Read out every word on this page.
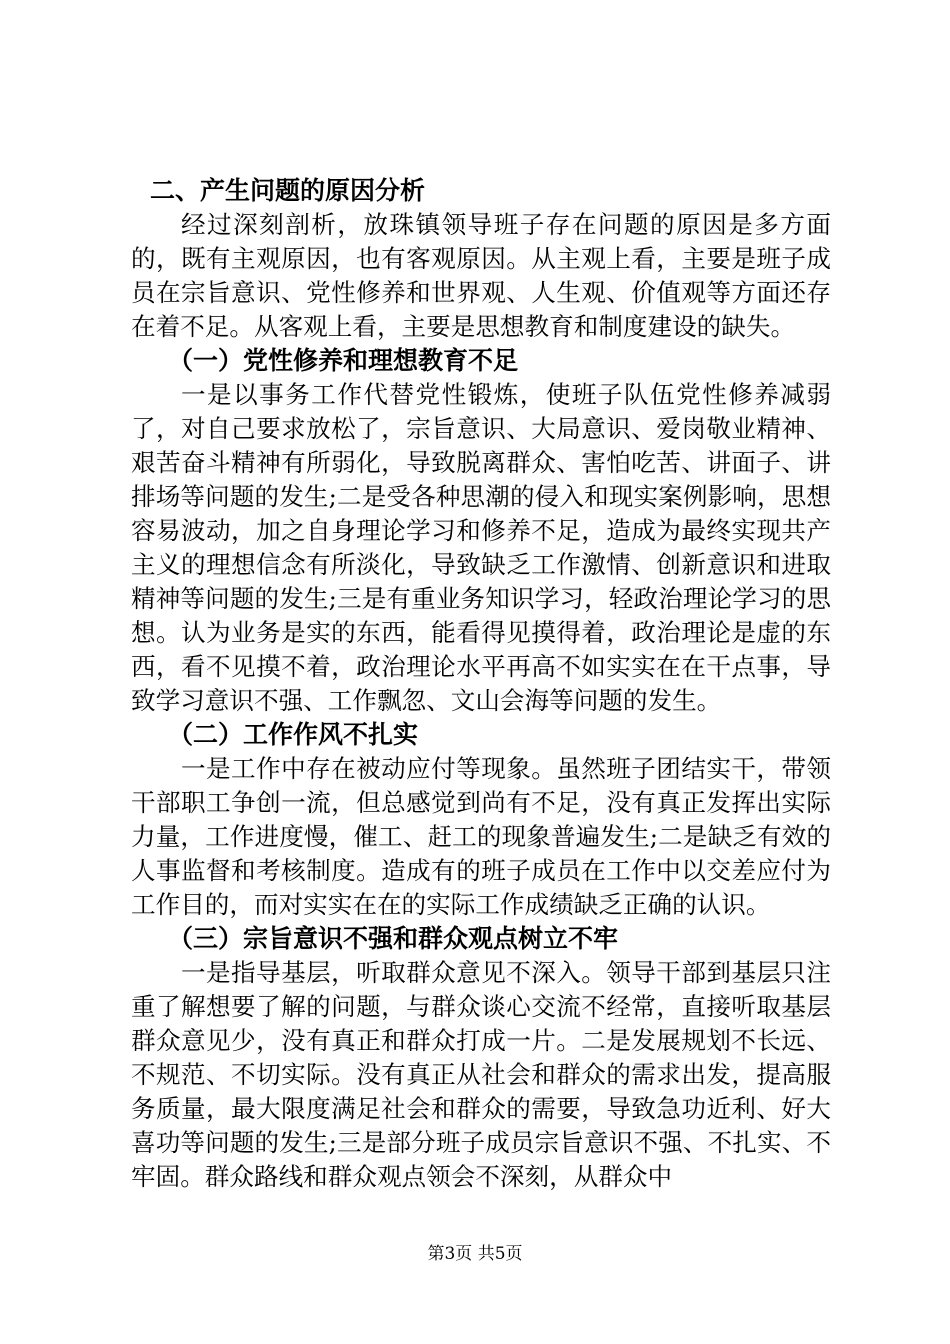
二、产生问题的原因分析

经过深刻剖析，放珠镇领导班子存在问题的原因是多方面的，既有主观原因，也有客观原因。从主观上看，主要是班子成员在宗旨意识、党性修养和世界观、人生观、价值观等方面还存在着不足。从客观上看，主要是思想教育和制度建设的缺失。

（一）党性修养和理想教育不足

一是以事务工作代替党性锻炼，使班子队伍党性修养减弱了，对自己要求放松了，宗旨意识、大局意识、爱岗敬业精神、艰苦奋斗精神有所弱化，导致脱离群众、害怕吃苦、讲面子、讲排场等问题的发生;二是受各种思潮的侵入和现实案例影响，思想容易波动，加之自身理论学习和修养不足，造成为最终实现共产主义的理想信念有所淡化，导致缺乏工作激情、创新意识和进取精神等问题的发生;三是有重业务知识学习，轻政治理论学习的思想。认为业务是实的东西，能看得见摸得着，政治理论是虚的东西，看不见摸不着，政治理论水平再高不如实实在在干点事，导致学习意识不强、工作飘忽、文山会海等问题的发生。

（二）工作作风不扎实

一是工作中存在被动应付等现象。虽然班子团结实干，带领干部职工争创一流，但总感觉到尚有不足，没有真正发挥出实际力量，工作进度慢，催工、赶工的现象普遍发生;二是缺乏有效的人事监督和考核制度。造成有的班子成员在工作中以交差应付为工作目的，而对实实在在的实际工作成绩缺乏正确的认识。

（三）宗旨意识不强和群众观点树立不牢

一是指导基层，听取群众意见不深入。领导干部到基层只注重了解想要了解的问题，与群众谈心交流不经常，直接听取基层群众意见少，没有真正和群众打成一片。二是发展规划不长远、不规范、不切实际。没有真正从社会和群众的需求出发，提高服务质量，最大限度满足社会和群众的需要，导致急功近利、好大喜功等问题的发生;三是部分班子成员宗旨意识不强、不扎实、不牢固。群众路线和群众观点领会不深刻，从群众中

第3页 共5页
